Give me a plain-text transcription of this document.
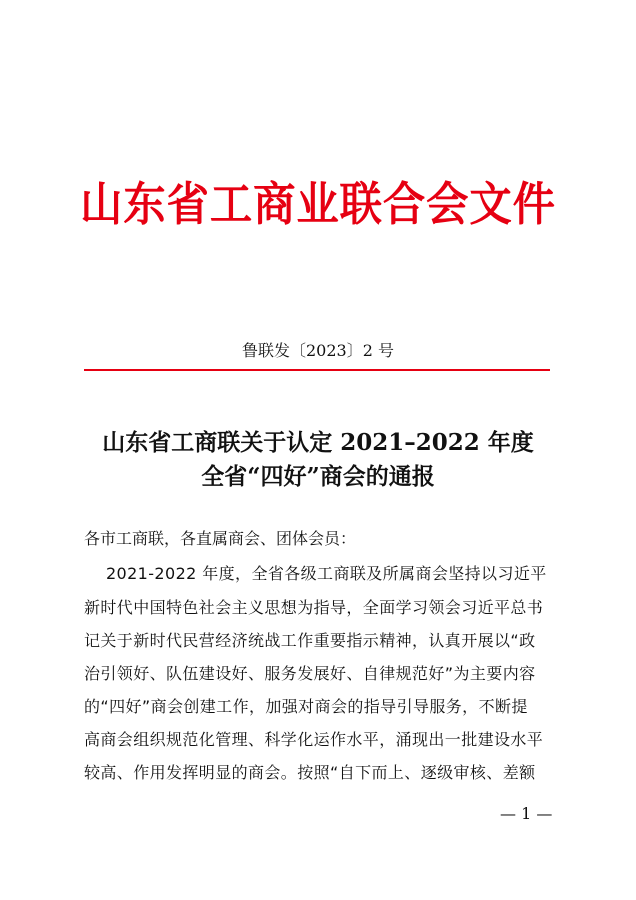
山东省工商业联合会文件
鲁联发〔2023〕2 号
山东省工商联关于认定 2021–2022 年度
全省“四好”商会的通报
各市工商联，各直属商会、团体会员：
2021-2022 年度，全省各级工商联及所属商会坚持以习近平
新时代中国特色社会主义思想为指导，全面学习领会习近平总书
记关于新时代民营经济统战工作重要指示精神，认真开展以“政
治引领好、队伍建设好、服务发展好、自律规范好”为主要内容
的“四好”商会创建工作，加强对商会的指导引导服务，不断提
高商会组织规范化管理、科学化运作水平，涌现出一批建设水平
较高、作用发挥明显的商会。按照“自下而上、逐级审核、差额
— 1 —
